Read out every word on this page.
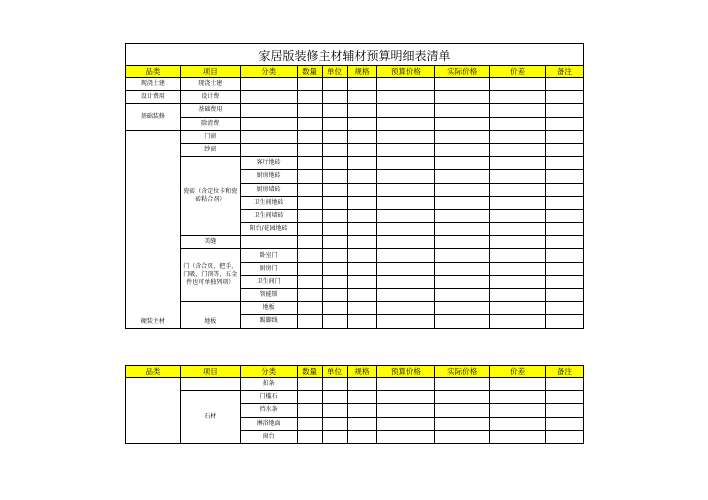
家居版装修主材辅材预算明细表清单
品类	项目	分类	数量	单位	规格	预算价格	实际价格	价差	备注
现浇土建	现浇土建								
设计费用	设计费								
基础装修	基础费用								
	除渣费								
硬装主材	门窗								
	纱窗								
	瓷砖（含定位卡和瓷砖粘合剂）	客厅地砖							
		厨房地砖							
		厨房墙砖							
		卫生间地砖							
		卫生间墙砖							
		阳台/花园地砖							
	美缝								
	门（含合页、把手、门吸、门顶等，五金件也可单独列项）	卧室门							
		厨房门							
		卫生间门							
		智能锁							
	地板	地板							
		踢脚线							
品类	项目	分类	数量	单位	规格	预算价格	实际价格	价差	备注
		扣条							
	石材	门槛石							
		挡水条							
		淋浴地面							
		窗台							
